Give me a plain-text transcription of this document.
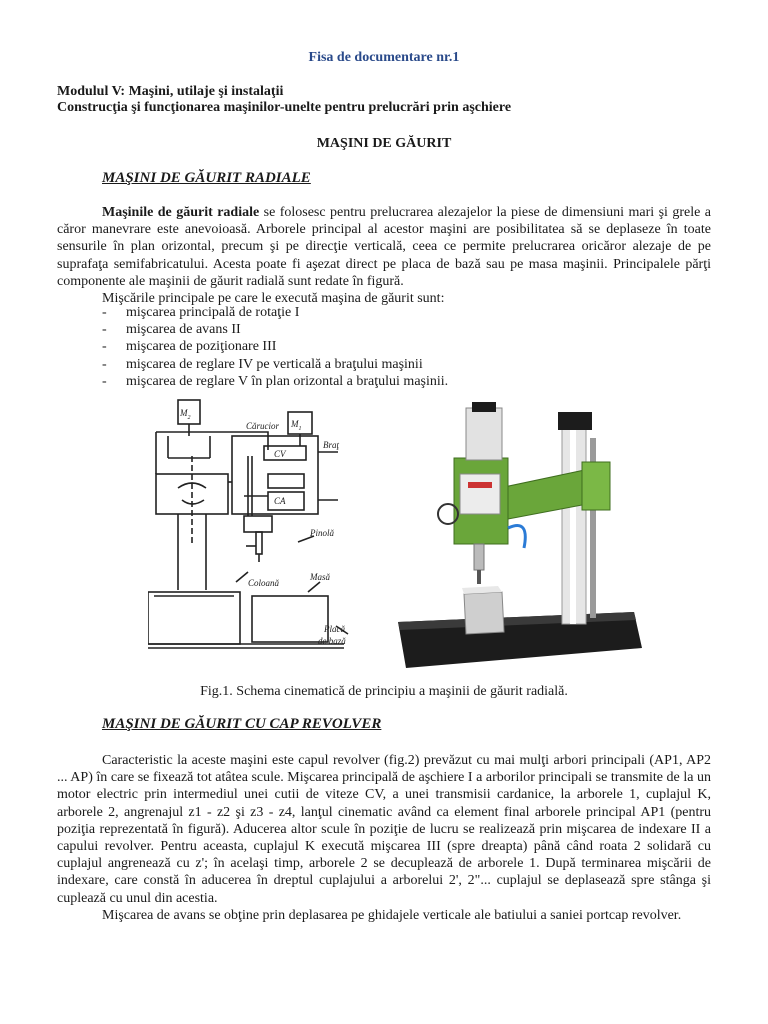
Fisa de documentare nr.1
Modulul V: Maşini, utilaje şi instalaţii
Construcţia şi funcţionarea maşinilor-unelte pentru prelucrări prin aşchiere
MAŞINI DE GĂURIT
MAŞINI DE GĂURIT RADIALE

Maşinile de găurit radiale se folosesc pentru prelucrarea alezajelor la piese de dimensiuni mari şi grele a căror manevrare este anevoioasă. Arborele principal al acestor maşini are posibilitatea să se deplaseze în toate sensurile în plan orizontal, precum şi pe direcţie verticală, ceea ce permite prelucrarea oricăror alezaje de pe suprafaţa semifabricatului. Acesta poate fi aşezat direct pe placa de bază sau pe masa maşinii. Principalele părţi componente ale maşinii de găurit radială sunt redate în figură.

Mişcările principale pe care le execută maşina de găurit sunt:

- mişcarea principală de rotaţie I
- mişcarea de avans II
- mişcarea de poziţionare III
- mişcarea de reglare IV pe verticală a braţului maşinii
- mişcarea de reglare V în plan orizontal a braţului maşinii.
$M_2$
$M_1$
Cărucior
Braţ
CV
CA
Pinolă
Coloană
Masă
Placă
de bază
Fig.1. Schema cinematică de principiu a maşinii de găurit radială.
MAŞINI DE GĂURIT CU CAP REVOLVER

Caracteristic la aceste maşini este capul revolver (fig.2) prevăzut cu mai mulţi arbori principali (AP1, AP2 ... AP) în care se fixează tot atâtea scule. Mişcarea principală de aşchiere I a arborilor principali se transmite de la un motor electric prin intermediul unei cutii de viteze CV, a unei transmisii cardanice, la arborele 1, cuplajul K, arborele 2, angrenajul z1 - z2 şi z3 - z4, lanţul cinematic având ca element final arborele principal AP1 (pentru poziţia reprezentată în figură). Aducerea altor scule în poziţie de lucru se realizează prin mişcarea de indexare II a capului revolver. Pentru aceasta, cuplajul K execută mişcarea III (spre dreapta) până când roata 2 solidară cu cuplajul angrenează cu z'; în acelaşi timp, arborele 2 se decuplează de arborele 1. După terminarea mişcării de indexare, care constă în aducerea în dreptul cuplajului a arborelui 2', 2"... cuplajul se deplasează spre stânga şi cuplează cu unul din acestia.

Mişcarea de avans se obţine prin deplasarea pe ghidajele verticale ale batiului a saniei portcap revolver.
